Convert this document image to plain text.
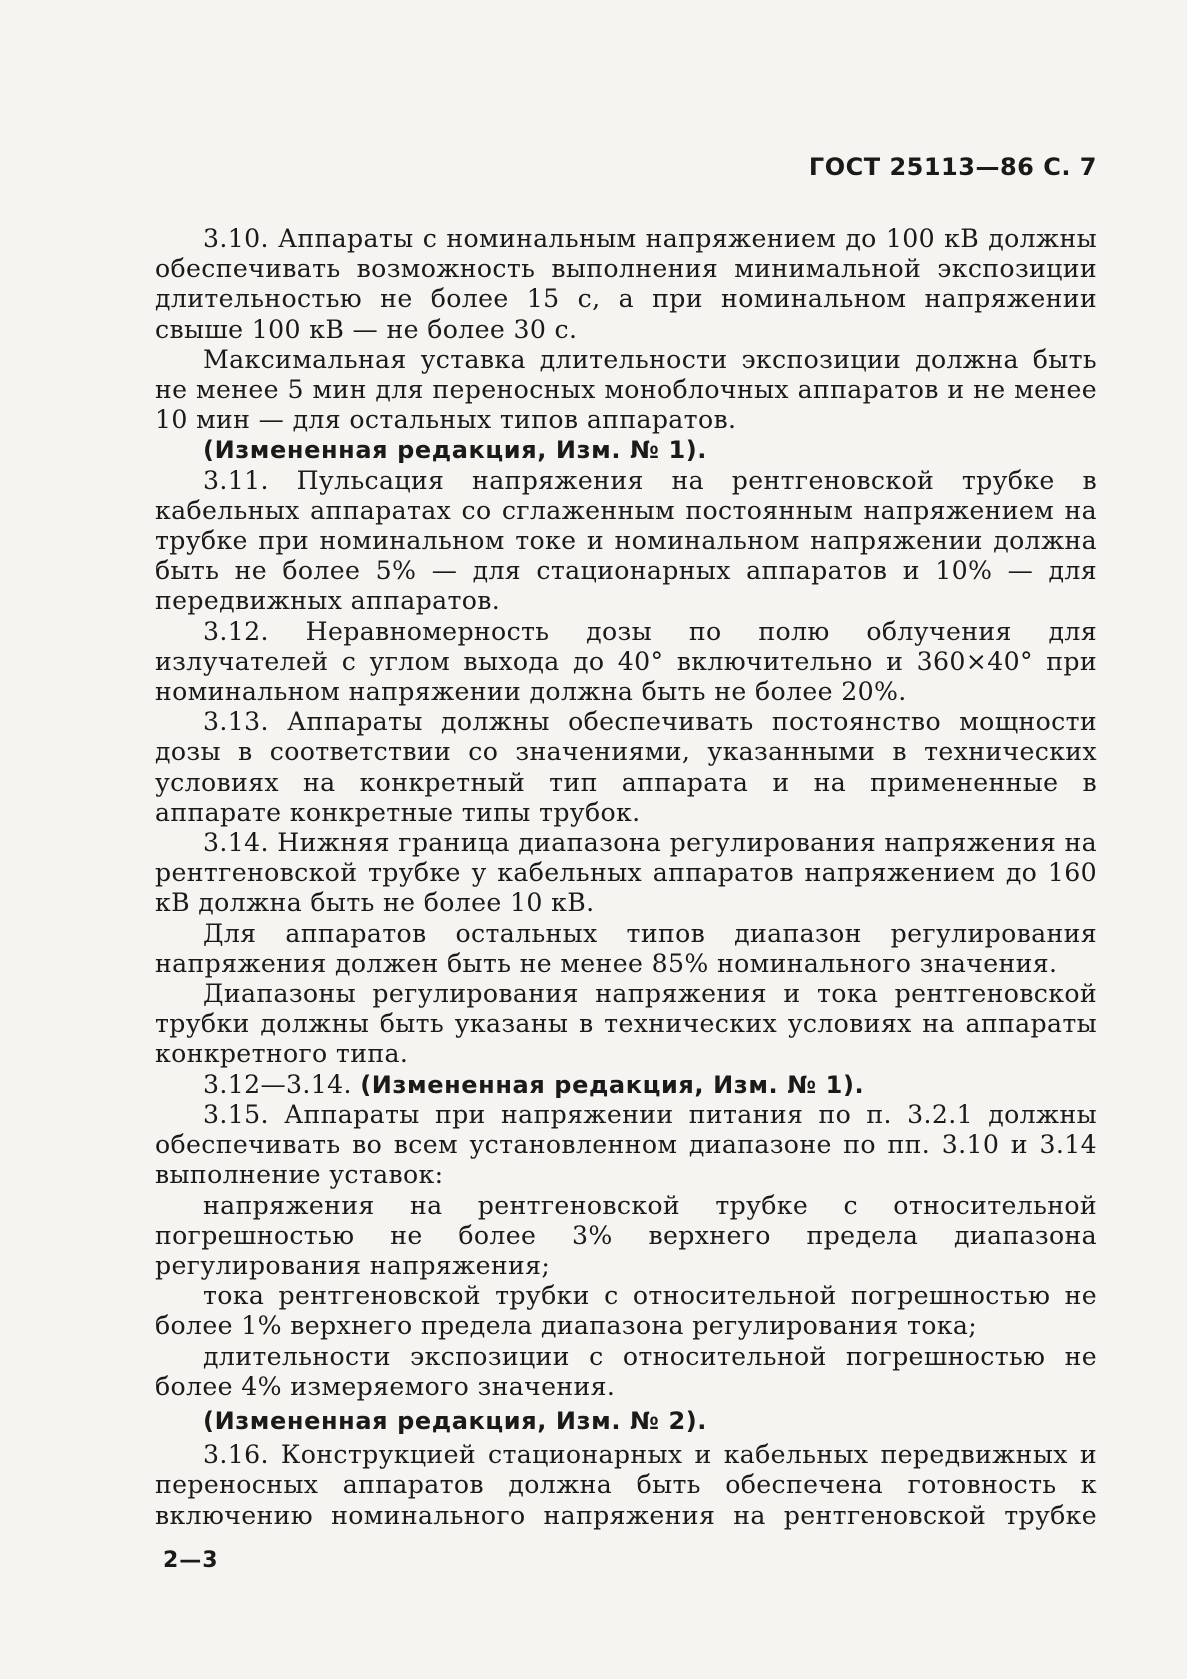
ГОСТ 25113—86 С. 7

3.10. Аппараты с номинальным напряжением до 100 кВ должны обеспечивать возможность выполнения минимальной экспозиции длительностью не более 15 с, а при номинальном напряжении свыше 100 кВ — не более 30 с.

Максимальная уставка длительности экспозиции должна быть не менее 5 мин для переносных моноблочных аппаратов и не менее 10 мин — для остальных типов аппаратов.

(Измененная редакция, Изм. № 1).

3.11. Пульсация напряжения на рентгеновской трубке в кабельных аппаратах со сглаженным постоянным напряжением на трубке при номинальном токе и номинальном напряжении должна быть не более 5% — для стационарных аппаратов и 10% — для передвижных аппаратов.

3.12. Неравномерность дозы по полю облучения для излучателей с углом выхода до 40° включительно и 360×40° при номинальном напряжении должна быть не более 20%.

3.13. Аппараты должны обеспечивать постоянство мощности дозы в соответствии со значениями, указанными в технических условиях на конкретный тип аппарата и на примененные в аппарате конкретные типы трубок.

3.14. Нижняя граница диапазона регулирования напряжения на рентгеновской трубке у кабельных аппаратов напряжением до 160 кВ должна быть не более 10 кВ.

Для аппаратов остальных типов диапазон регулирования напряжения должен быть не менее 85% номинального значения.

Диапазоны регулирования напряжения и тока рентгеновской трубки должны быть указаны в технических условиях на аппараты конкретного типа.

3.12—3.14. (Измененная редакция, Изм. № 1).

3.15. Аппараты при напряжении питания по п. 3.2.1 должны обеспечивать во всем установленном диапазоне по пп. 3.10 и 3.14 выполнение уставок:

напряжения на рентгеновской трубке с относительной погрешностью не более 3% верхнего предела диапазона регулирования напряжения;

тока рентгеновской трубки с относительной погрешностью не более 1% верхнего предела диапазона регулирования тока;

длительности экспозиции с относительной погрешностью не более 4% измеряемого значения.

(Измененная редакция, Изм. № 2).

3.16. Конструкцией стационарных и кабельных передвижных и переносных аппаратов должна быть обеспечена готовность к включению номинального напряжения на рентгеновской трубке

2—3
